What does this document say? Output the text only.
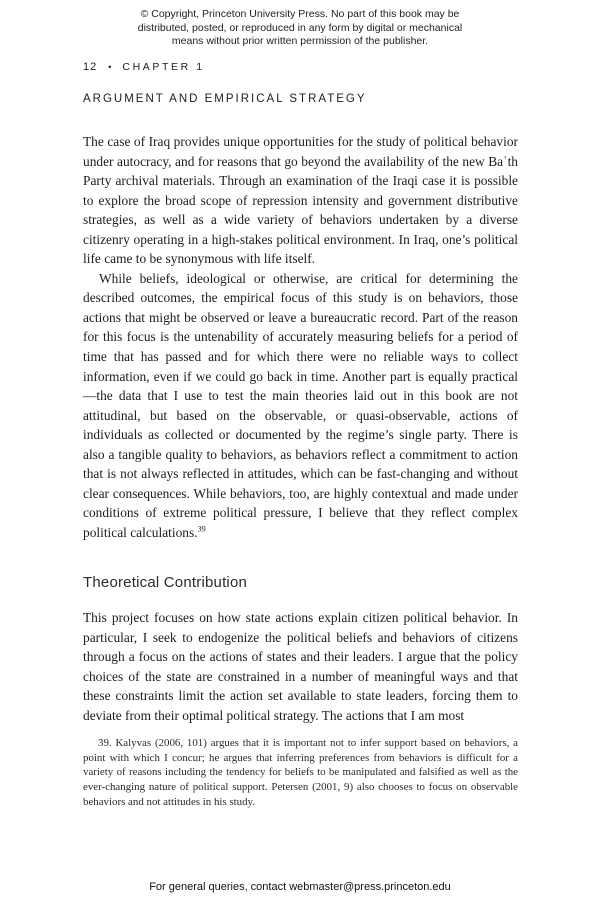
© Copyright, Princeton University Press. No part of this book may be
distributed, posted, or reproduced in any form by digital or mechanical
means without prior written permission of the publisher.
12 • CHAPTER 1
ARGUMENT AND EMPIRICAL STRATEGY

The case of Iraq provides unique opportunities for the study of political behavior under autocracy, and for reasons that go beyond the availability of the new Baʿth Party archival materials. Through an examination of the Iraqi case it is possible to explore the broad scope of repression intensity and government distributive strategies, as well as a wide variety of behaviors undertaken by a diverse citizenry operating in a high-stakes political environment. In Iraq, one’s political life came to be synonymous with life itself.

While beliefs, ideological or otherwise, are critical for determining the described outcomes, the empirical focus of this study is on behaviors, those actions that might be observed or leave a bureaucratic record. Part of the reason for this focus is the untenability of accurately measuring beliefs for a period of time that has passed and for which there were no reliable ways to collect information, even if we could go back in time. Another part is equally practical—the data that I use to test the main theories laid out in this book are not attitudinal, but based on the observable, or quasi-observable, actions of individuals as collected or documented by the regime’s single party. There is also a tangible quality to behaviors, as behaviors reflect a commitment to action that is not always reflected in attitudes, which can be fast-changing and without clear consequences. While behaviors, too, are highly contextual and made under conditions of extreme political pressure, I believe that they reflect complex political calculations.$^{39}$

Theoretical Contribution

This project focuses on how state actions explain citizen political behavior. In particular, I seek to endogenize the political beliefs and behaviors of citizens through a focus on the actions of states and their leaders. I argue that the policy choices of the state are constrained in a number of meaningful ways and that these constraints limit the action set available to state leaders, forcing them to deviate from their optimal political strategy. The actions that I am most

39. Kalyvas (2006, 101) argues that it is important not to infer support based on behaviors, a point with which I concur; he argues that inferring preferences from behaviors is difficult for a variety of reasons including the tendency for beliefs to be manipulated and falsified as well as the ever-changing nature of political support. Petersen (2001, 9) also chooses to focus on observable behaviors and not attitudes in his study.

For general queries, contact webmaster@press.princeton.edu
